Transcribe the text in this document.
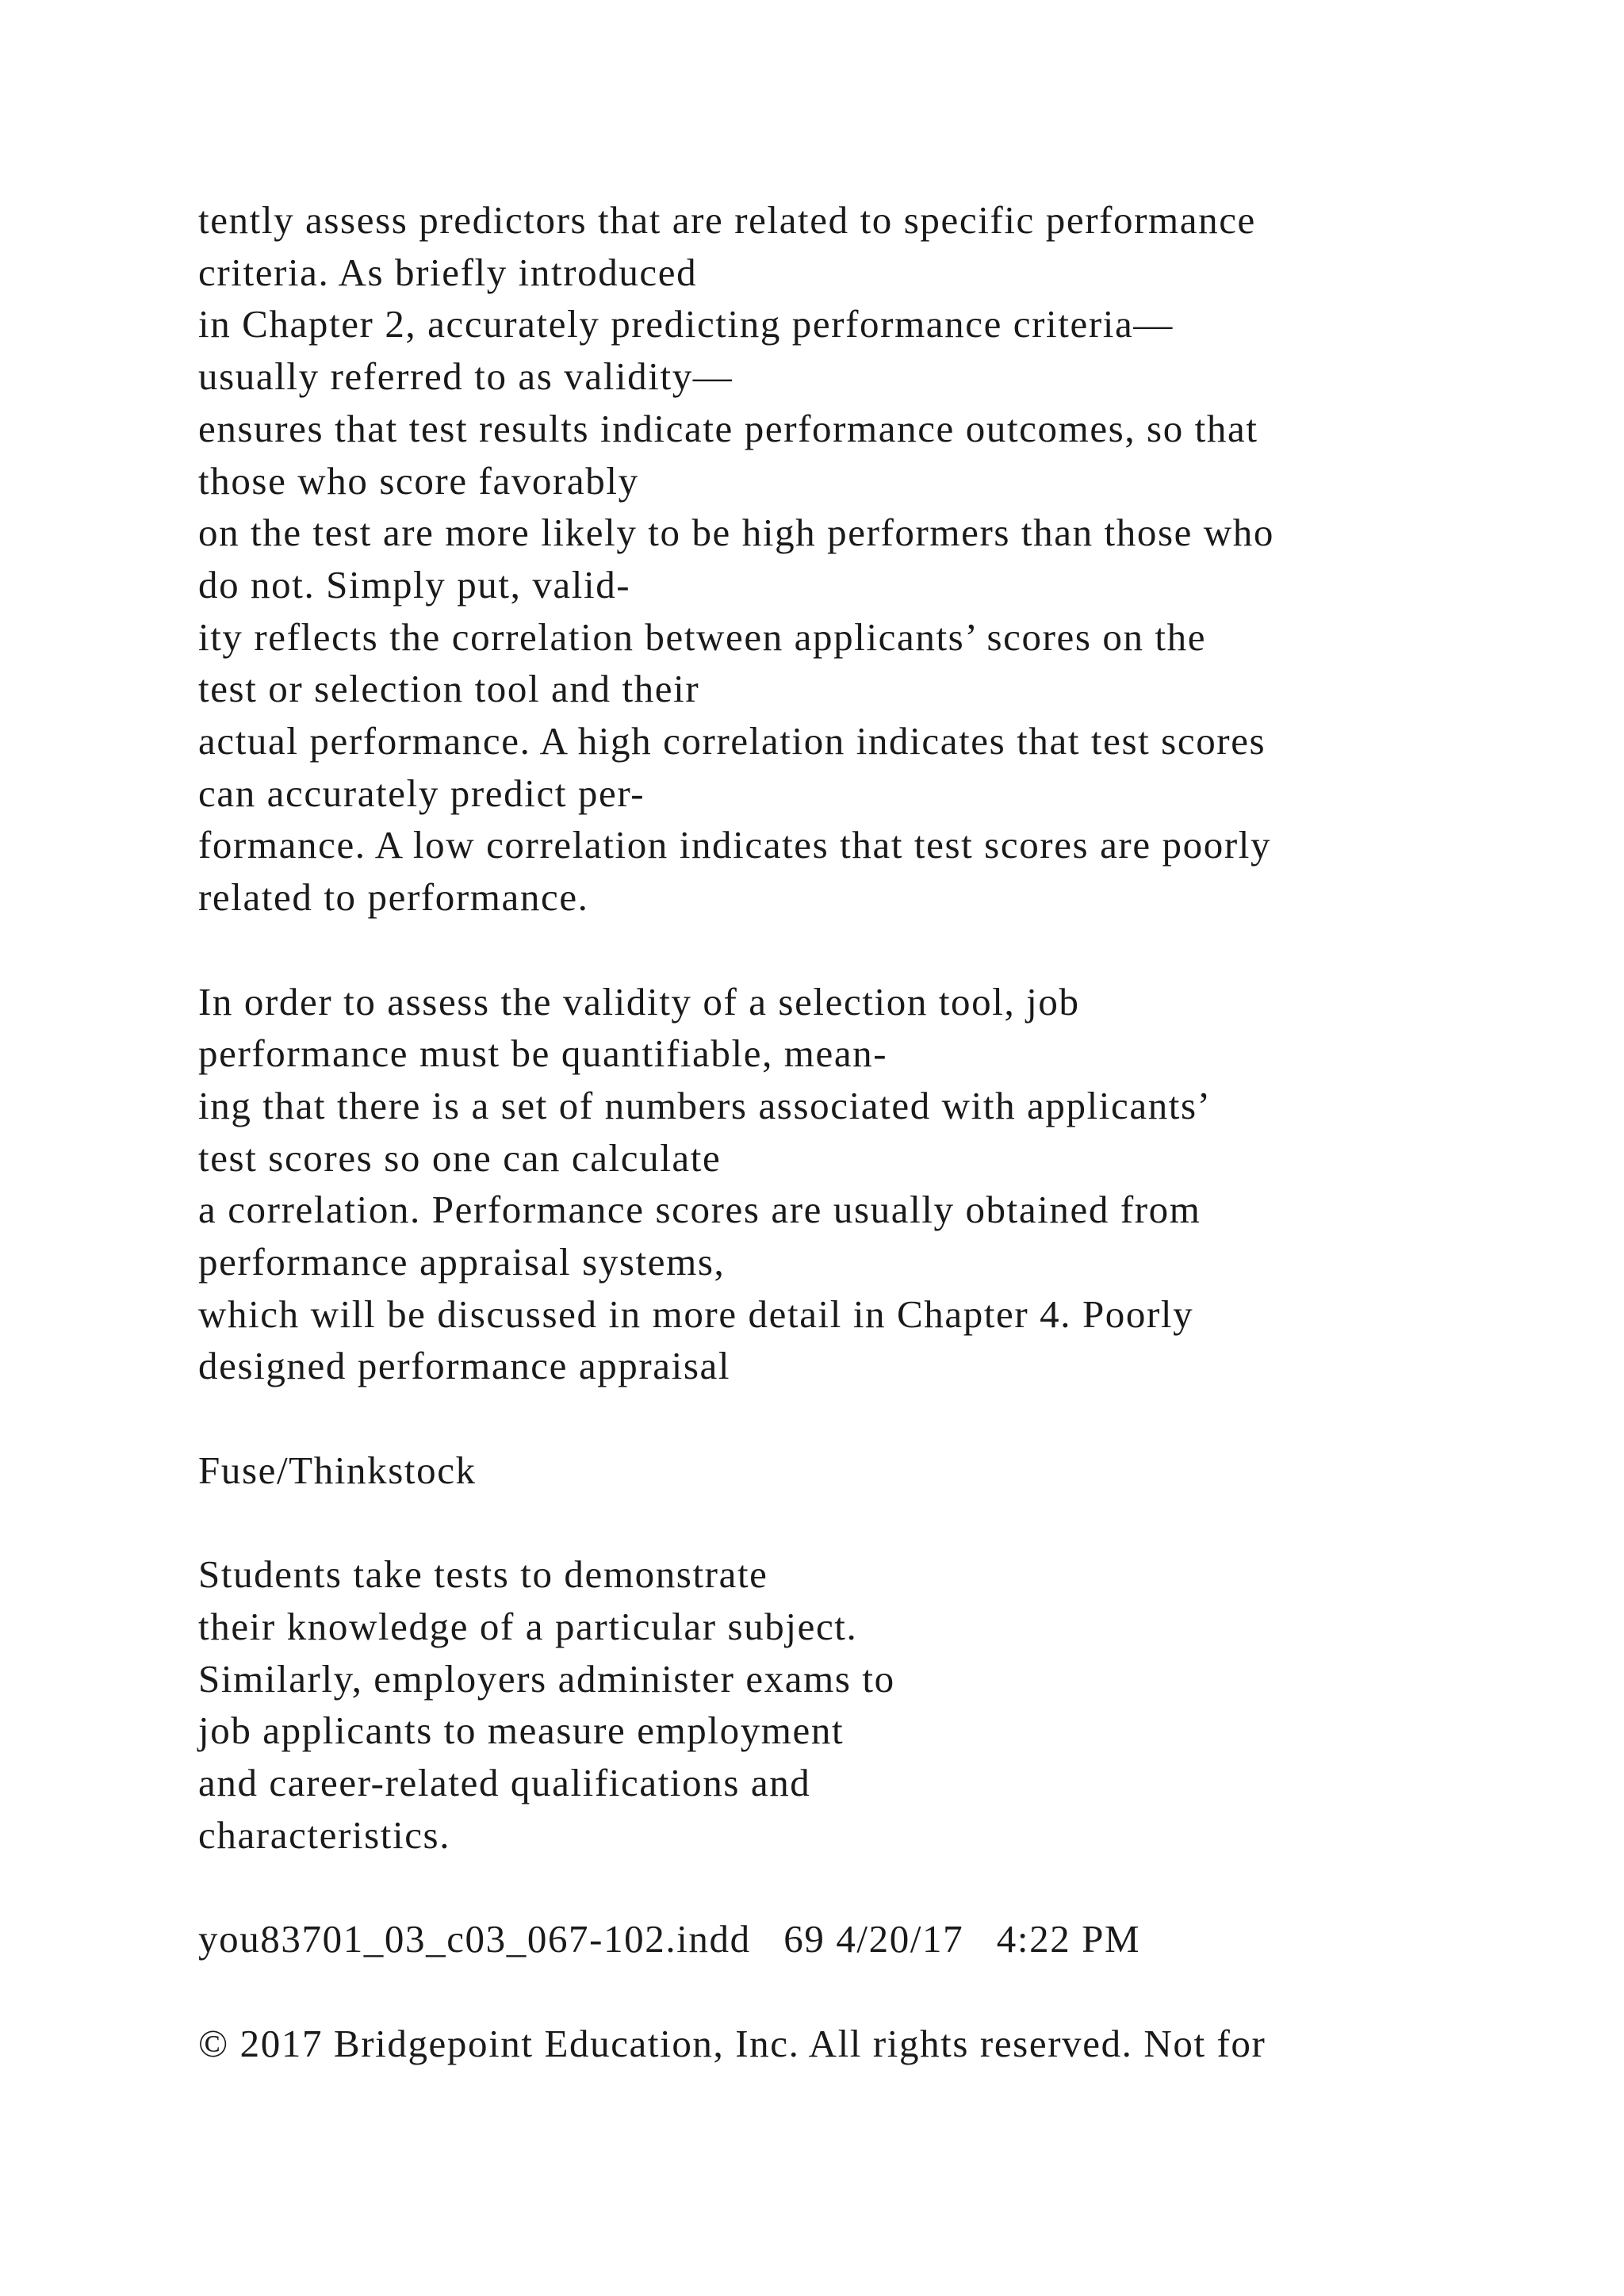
tently assess predictors that are related to specific performance
criteria. As briefly introduced
in Chapter 2, accurately predicting performance criteria—
usually referred to as validity—
ensures that test results indicate performance outcomes, so that
those who score favorably
on the test are more likely to be high performers than those who
do not. Simply put, valid-
ity reflects the correlation between applicants’ scores on the
test or selection tool and their
actual performance. A high correlation indicates that test scores
can accurately predict per-
formance. A low correlation indicates that test scores are poorly
related to performance.
In order to assess the validity of a selection tool, job
performance must be quantifiable, mean-
ing that there is a set of numbers associated with applicants’
test scores so one can calculate
a correlation. Performance scores are usually obtained from
performance appraisal systems,
which will be discussed in more detail in Chapter 4. Poorly
designed performance appraisal
Fuse/Thinkstock
Students take tests to demonstrate
their knowledge of a particular subject.
Similarly, employers administer exams to
job applicants to measure employment
and career-related qualifications and
characteristics.
you83701_03_c03_067-102.indd   69 4/20/17   4:22 PM
© 2017 Bridgepoint Education, Inc. All rights reserved. Not for
